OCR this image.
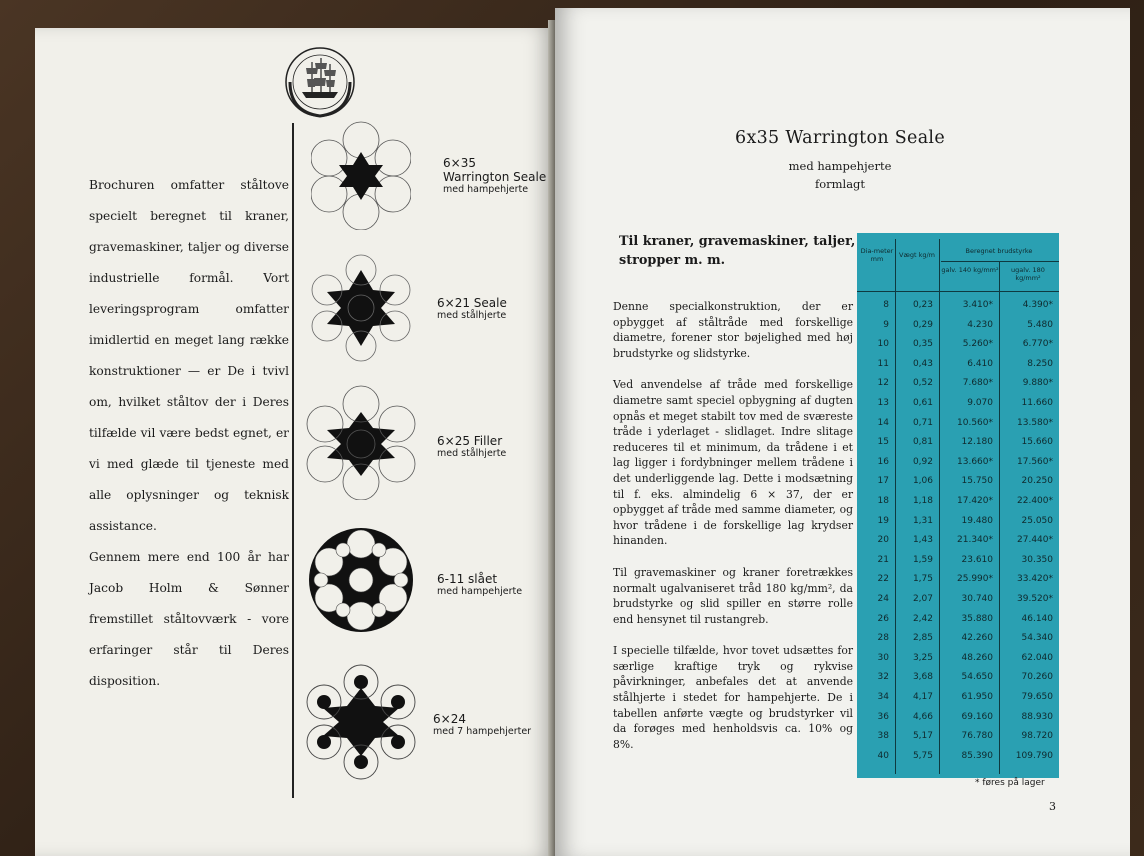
Brochuren omfatter ståltove specielt beregnet til kraner, gravemaskiner, taljer og diverse industrielle formål. Vort leveringsprogram omfatter imidlertid en meget lang række konstruktioner — er De i tvivl om, hvilket ståltov der i Deres tilfælde vil være bedst egnet, er vi med glæde til tjeneste med alle oplysninger og teknisk assistance.

Gennem mere end 100 år har Jacob Holm & Sønner fremstillet ståltovværk - vore erfaringer står til Deres disposition.

6×35
Warrington Seale
med hampehjerte
6×21 Seale
med stålhjerte
6×25 Filler
med stålhjerte
6-11 slået
med hampehjerte
6×24
med 7 hampehjerter
6x35 Warrington Seale
med hampehjerte
formlagt
Til kraner, gravemaskiner, taljer, stropper m. m.

Denne specialkonstruktion, der er opbygget af ståltråde med forskellige diametre, forener stor bøjelighed med høj brudstyrke og slidstyrke.

Ved anvendelse af tråde med forskellige diametre samt speciel opbygning af dugten opnås et meget stabilt tov med de sværeste tråde i yderlaget - slidlaget. Indre slitage reduceres til et minimum, da trådene i et lag ligger i fordybninger mellem trådene i det underliggende lag. Dette i modsætning til f. eks. almindelig 6 × 37, der er opbygget af tråde med samme diameter, og hvor trådene i de forskellige lag krydser hinanden.

Til gravemaskiner og kraner foretrækkes normalt ugalvaniseret tråd 180 kg/mm², da brudstyrke og slid spiller en større rolle end hensynet til rustangreb.

I specielle tilfælde, hvor tovet udsættes for særlige kraftige tryk og rykvise påvirkninger, anbefales det at anvende stålhjerte i stedet for hampehjerte. De i tabellen anførte vægte og brudstyrker vil da forøges med henholdsvis ca. 10% og 8%.

Dia-meter mm	Vægt kg/m	Beregnet brudstyrke
galv. 140 kg/mm²	ugalv. 180 kg/mm²
8	0,23	3.410*	4.390*
9	0,29	4.230	5.480
10	0,35	5.260*	6.770*
11	0,43	6.410	8.250
12	0,52	7.680*	9.880*
13	0,61	9.070	11.660
14	0,71	10.560*	13.580*
15	0,81	12.180	15.660
16	0,92	13.660*	17.560*
17	1,06	15.750	20.250
18	1,18	17.420*	22.400*
19	1,31	19.480	25.050
20	1,43	21.340*	27.440*
21	1,59	23.610	30.350
22	1,75	25.990*	33.420*
24	2,07	30.740	39.520*
26	2,42	35.880	46.140
28	2,85	42.260	54.340
30	3,25	48.260	62.040
32	3,68	54.650	70.260
34	4,17	61.950	79.650
36	4,66	69.160	88.930
38	5,17	76.780	98.720
40	5,75	85.390	109.790
* føres på lager
3
